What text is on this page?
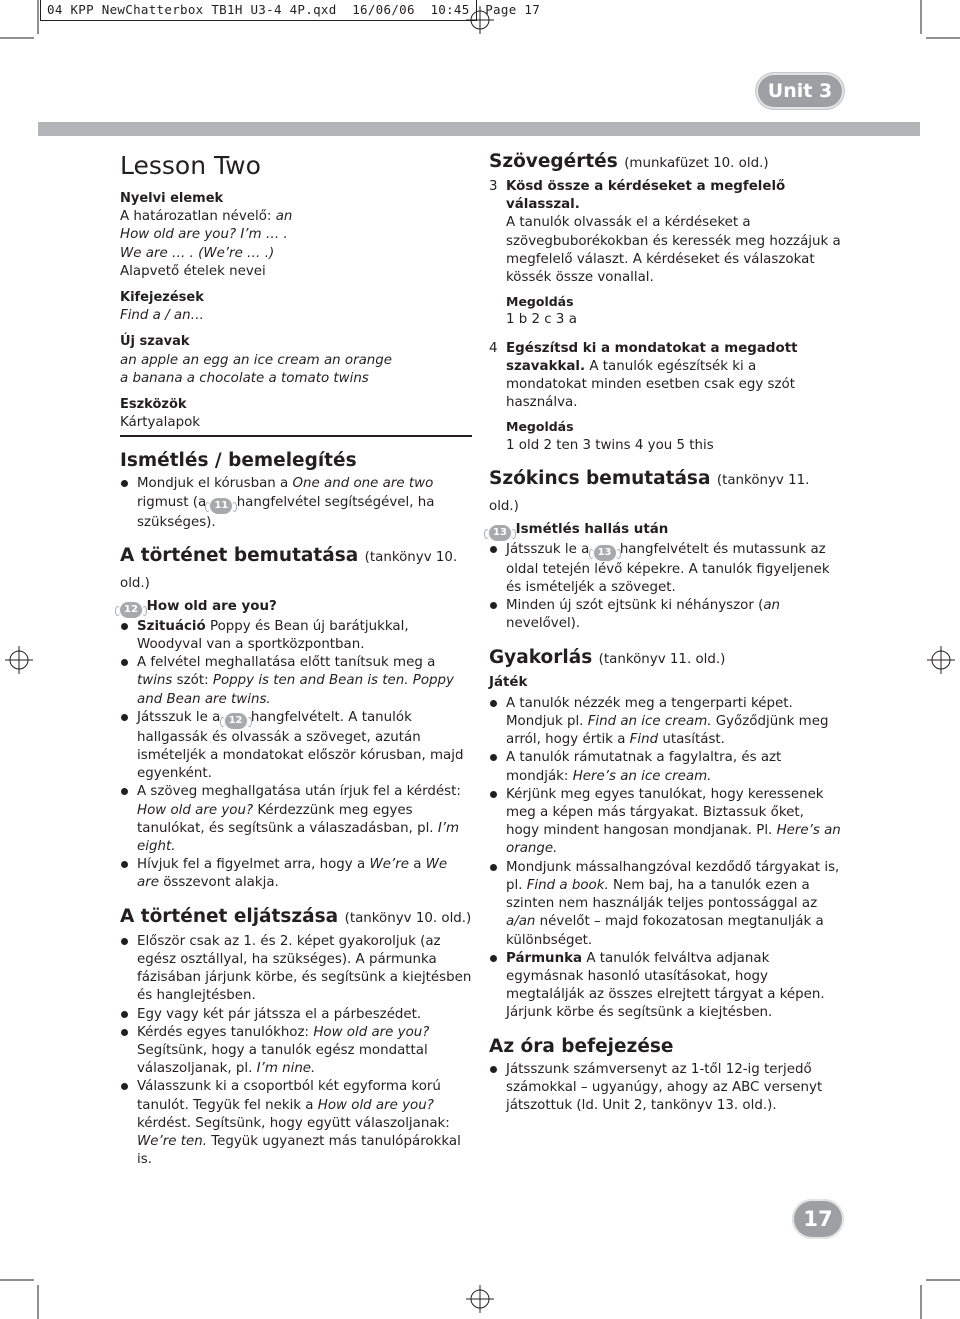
04 KPP NewChatterbox TB1H U3-4 4P.qxd  16/06/06  10:45  Page 17
Unit 3
Lesson Two
Nyelvi elemek
A határozatlan névelő: an
How old are you? I’m … .
We are … . (We’re … .)
Alapvető ételek nevei
Kifejezések
Find a / an…
Új szavak
an apple an egg an ice cream an orange
a banana a chocolate a tomato twins
Eszközök
Kártyalapok
Ismétlés / bemelegítés
Mondjuk el kórusban a One and one are two rigmust (a 11 hangfelvétel segítségével, ha szükséges).
A történet bemutatása (tankönyv 10. old.)
12 How old are you?
Szituáció Poppy és Bean új barátjukkal, Woodyval van a sportközpontban.
A felvétel meghallatása előtt tanítsuk meg a twins szót: Poppy is ten and Bean is ten. Poppy and Bean are twins.
Játsszuk le a 12 hangfelvételt. A tanulók hallgassák és olvassák a szöveget, azután ismételjék a mondatokat először kórusban, majd egyenként.
A szöveg meghallgatása után írjuk fel a kérdést: How old are you? Kérdezzünk meg egyes tanulókat, és segítsünk a válaszadásban, pl. I’m eight.
Hívjuk fel a figyelmet arra, hogy a We’re a We are összevont alakja.
A történet eljátszása (tankönyv 10. old.)
Először csak az 1. és 2. képet gyakoroljuk (az egész osztállyal, ha szükséges). A pármunka fázisában járjunk körbe, és segítsünk a kiejtésben és hanglejtésben.
Egy vagy két pár játssza el a párbeszédet.
Kérdés egyes tanulókhoz: How old are you? Segítsünk, hogy a tanulók egész mondattal válaszoljanak, pl. I’m nine.
Válasszunk ki a csoportból két egyforma korú tanulót. Tegyük fel nekik a How old are you? kérdést. Segítsünk, hogy együtt válaszoljanak: We’re ten. Tegyük ugyanezt más tanulópárokkal is.
Szövegértés (munkafüzet 10. old.)
3 Kösd össze a kérdéseket a megfelelő válasszal.
A tanulók olvassák el a kérdéseket a szövegbuborékokban és keressék meg hozzájuk a megfelelő választ. A kérdéseket és válaszokat kössék össze vonallal.
Megoldás
1 b 2 c 3 a
4 Egészítsd ki a mondatokat a megadott szavakkal. A tanulók egészítsék ki a mondatokat minden esetben csak egy szót használva.
Megoldás
1 old 2 ten 3 twins 4 you 5 this
Szókincs bemutatása (tankönyv 11. old.)
13 Ismétlés hallás után
Játsszuk le a 13 hangfelvételt és mutassunk az oldal tetején lévő képekre. A tanulók figyeljenek és ismételjék a szöveget.
Minden új szót ejtsünk ki néhányszor (an nevelővel).
Gyakorlás (tankönyv 11. old.)
Játék
A tanulók nézzék meg a tengerparti képet. Mondjuk pl. Find an ice cream. Győződjünk meg arról, hogy értik a Find utasítást.
A tanulók rámutatnak a fagylaltra, és azt mondják: Here’s an ice cream.
Kérjünk meg egyes tanulókat, hogy keressenek meg a képen más tárgyakat. Biztassuk őket, hogy mindent hangosan mondjanak. Pl. Here’s an orange.
Mondjunk mássalhangzóval kezdődő tárgyakat is, pl. Find a book. Nem baj, ha a tanulók ezen a szinten nem használják teljes pontossággal az a/an névelőt – majd fokozatosan megtanulják a különbséget.
Pármunka A tanulók felváltva adjanak egymásnak hasonló utasításokat, hogy megtalálják az összes elrejtett tárgyat a képen. Járjunk körbe és segítsünk a kiejtésben.
Az óra befejezése
Játsszunk számversenyt az 1-től 12-ig terjedő számokkal – ugyanúgy, ahogy az ABC versenyt játszottuk (ld. Unit 2, tankönyv 13. old.).
17
